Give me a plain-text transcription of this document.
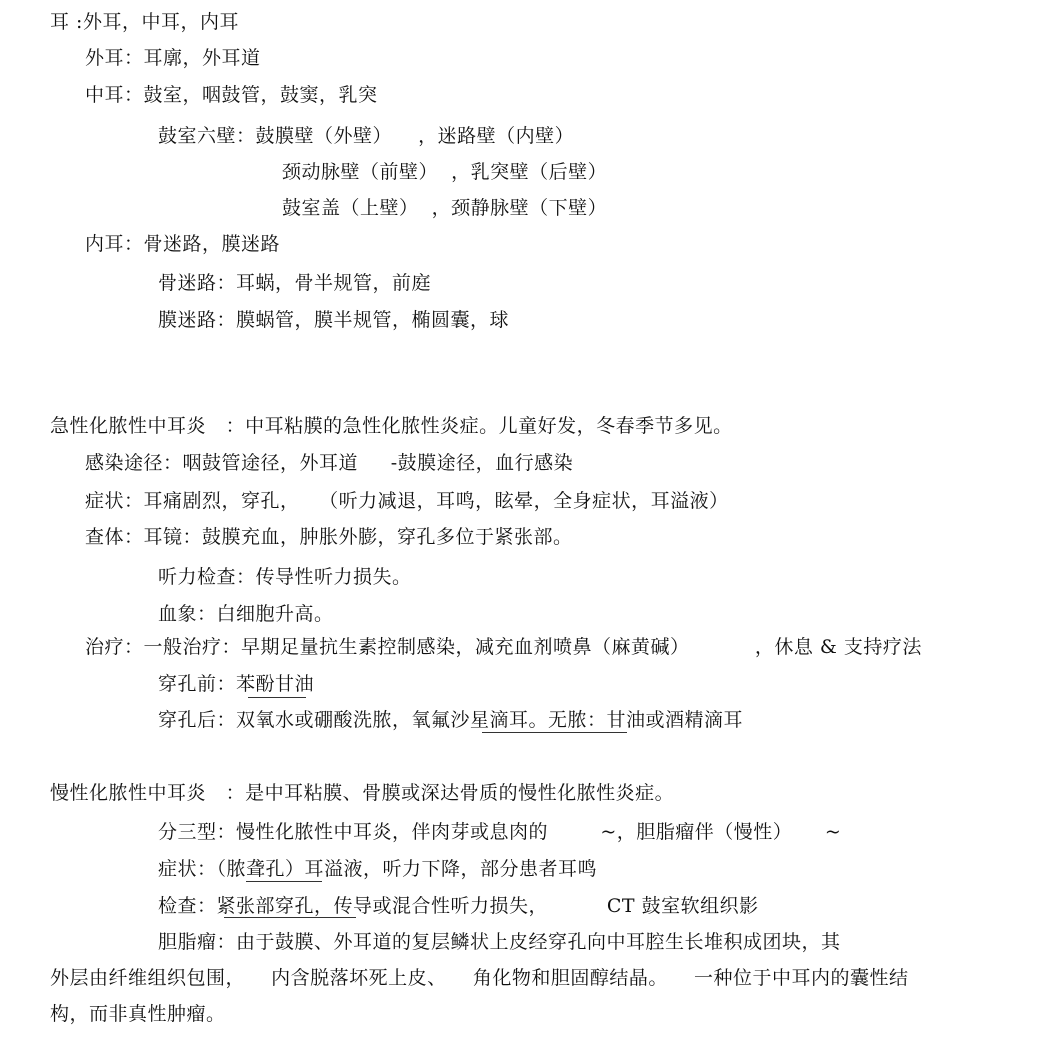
耳 :外耳，中耳，内耳
外耳：耳廓，外耳道
中耳：鼓室，咽鼓管，鼓窦，乳突
鼓室六壁：鼓膜壁（外壁）    ，迷路壁（内壁）
颈动脉壁（前壁）  ，乳突壁（后壁）
鼓室盖（上壁）  ，颈静脉壁（下壁）
内耳：骨迷路，膜迷路
骨迷路：耳蜗，骨半规管，前庭
膜迷路：膜蜗管，膜半规管，椭圆囊，球
急性化脓性中耳炎   ：中耳粘膜的急性化脓性炎症。儿童好发，冬春季节多见。
感染途径：咽鼓管途径，外耳道     -鼓膜途径，血行感染
症状：耳痛剧烈，穿孔，   （听力减退，耳鸣，眩晕，全身症状，耳溢液）
查体：耳镜：鼓膜充血，肿胀外膨，穿孔多位于紧张部。
听力检查：传导性听力损失。
血象：白细胞升高。
治疗：一般治疗：早期足量抗生素控制感染，减充血剂喷鼻（麻黄碱）          ，休息 & 支持疗法
穿孔前：苯酚甘油
穿孔后：双氧水或硼酸洗脓，氧氟沙星滴耳。无脓：甘油或酒精滴耳
慢性化脓性中耳炎   ：是中耳粘膜、骨膜或深达骨质的慢性化脓性炎症。
分三型：慢性化脓性中耳炎，伴肉芽或息肉的        ~，胆脂瘤伴（慢性）     ~
症状：（脓聋孔）耳溢液，听力下降，部分患者耳鸣
检查：紧张部穿孔，传导或混合性听力损失，         CT 鼓室软组织影
胆脂瘤：由于鼓膜、外耳道的复层鳞状上皮经穿孔向中耳腔生长堆积成团块，其
外层由纤维组织包围，    内含脱落坏死上皮、    角化物和胆固醇结晶。    一种位于中耳内的囊性结
构，而非真性肿瘤。
